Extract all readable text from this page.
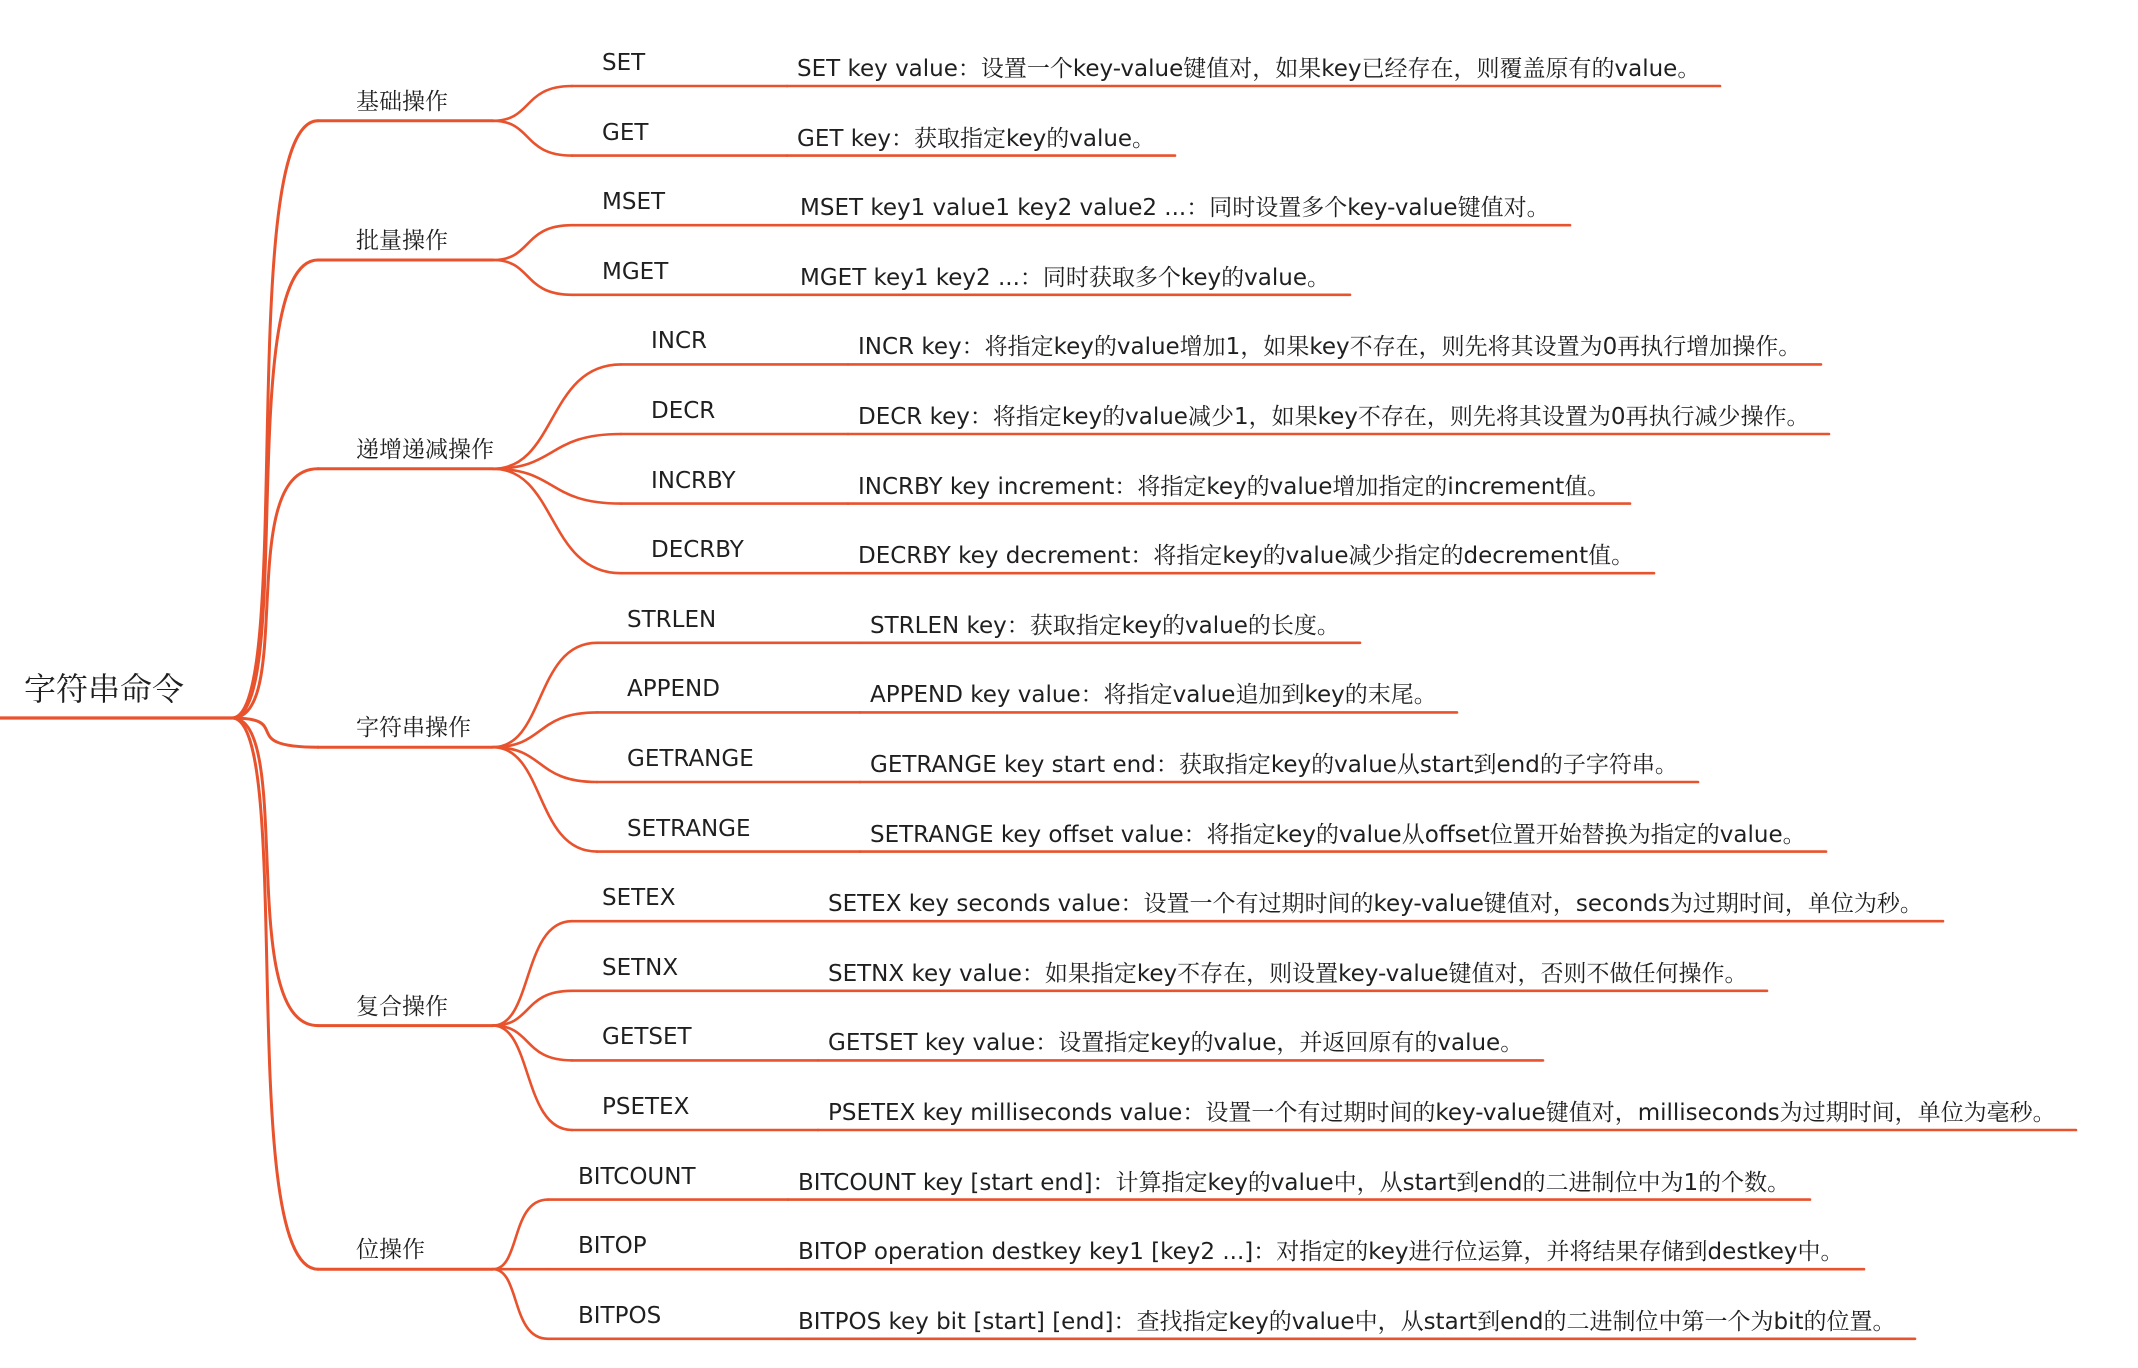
字符串命令
基础操作
SET	SET key value：设置一个key-value键值对，如果key已经存在，则覆盖原有的value。
GET	GET key：获取指定key的value。
批量操作
MSET	MSET key1 value1 key2 value2 ...：同时设置多个key-value键值对。
MGET	MGET key1 key2 ...：同时获取多个key的value。
递增递减操作
INCR	INCR key：将指定key的value增加1，如果key不存在，则先将其设置为0再执行增加操作。
DECR	DECR key：将指定key的value减少1，如果key不存在，则先将其设置为0再执行减少操作。
INCRBY	INCRBY key increment：将指定key的value增加指定的increment值。
DECRBY	DECRBY key decrement：将指定key的value减少指定的decrement值。
字符串操作
STRLEN	STRLEN key：获取指定key的value的长度。
APPEND	APPEND key value：将指定value追加到key的末尾。
GETRANGE	GETRANGE key start end：获取指定key的value从start到end的子字符串。
SETRANGE	SETRANGE key offset value：将指定key的value从offset位置开始替换为指定的value。
复合操作
SETEX	SETEX key seconds value：设置一个有过期时间的key-value键值对，seconds为过期时间，单位为秒。
SETNX	SETNX key value：如果指定key不存在，则设置key-value键值对，否则不做任何操作。
GETSET	GETSET key value：设置指定key的value，并返回原有的value。
PSETEX	PSETEX key milliseconds value：设置一个有过期时间的key-value键值对，milliseconds为过期时间，单位为毫秒。
位操作
BITCOUNT	BITCOUNT key [start end]：计算指定key的value中，从start到end的二进制位中为1的个数。
BITOP	BITOP operation destkey key1 [key2 ...]：对指定的key进行位运算，并将结果存储到destkey中。
BITPOS	BITPOS key bit [start] [end]：查找指定key的value中，从start到end的二进制位中第一个为bit的位置。
